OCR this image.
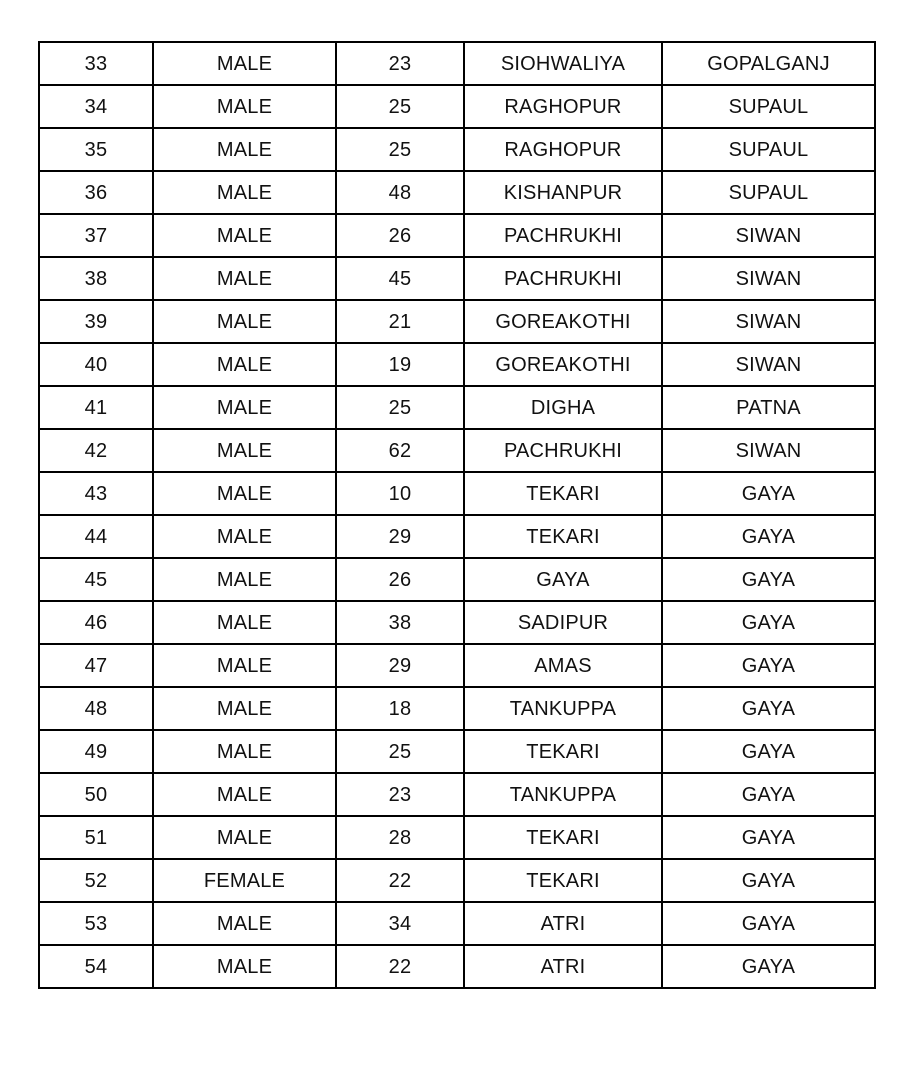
33	MALE	23	SIOHWALIYA	GOPALGANJ
34	MALE	25	RAGHOPUR	SUPAUL
35	MALE	25	RAGHOPUR	SUPAUL
36	MALE	48	KISHANPUR	SUPAUL
37	MALE	26	PACHRUKHI	SIWAN
38	MALE	45	PACHRUKHI	SIWAN
39	MALE	21	GOREAKOTHI	SIWAN
40	MALE	19	GOREAKOTHI	SIWAN
41	MALE	25	DIGHA	PATNA
42	MALE	62	PACHRUKHI	SIWAN
43	MALE	10	TEKARI	GAYA
44	MALE	29	TEKARI	GAYA
45	MALE	26	GAYA	GAYA
46	MALE	38	SADIPUR	GAYA
47	MALE	29	AMAS	GAYA
48	MALE	18	TANKUPPA	GAYA
49	MALE	25	TEKARI	GAYA
50	MALE	23	TANKUPPA	GAYA
51	MALE	28	TEKARI	GAYA
52	FEMALE	22	TEKARI	GAYA
53	MALE	34	ATRI	GAYA
54	MALE	22	ATRI	GAYA
